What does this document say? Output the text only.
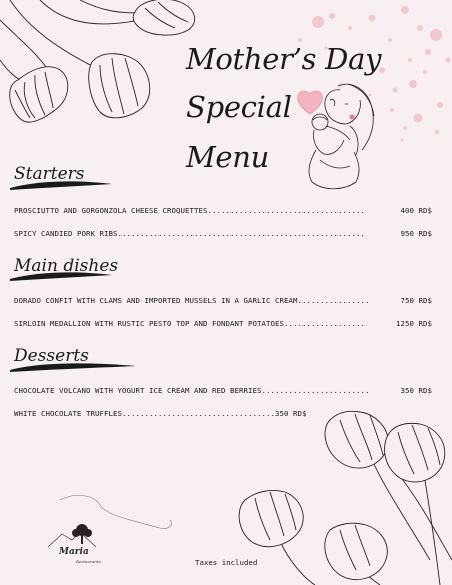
Mother’s Day
Special
Menu
Starters
PROSCIUTTO AND GORGONZOLA CHEESE CROQUETTES...................................	400 RD$
SPICY CANDIED PORK RIBS.......................................................	950 RD$
Main dishes
DORADO CONFIT WITH CLAMS AND IMPORTED MUSSELS IN A GARLIC CREAM................	750 RD$
SIRLOIN MEDALLION WITH RUSTIC PESTO TOP AND FONDANT POTATOES..................	1250 RD$
Desserts
CHOCOLATE VOLCANO WITH YOGURT ICE CREAM AND RED BERRIES........................	350 RD$
WHITE CHOCOLATE TRUFFLES..................................350 RD$
Taxes included
Maria
Restaurante
